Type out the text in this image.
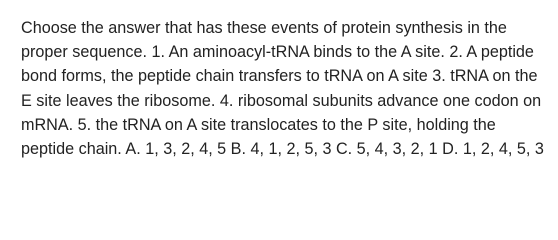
Choose the answer that has these events of protein synthesis in the proper sequence. 1. An aminoacyl-tRNA binds to the A site. 2. A peptide bond forms, the peptide chain transfers to tRNA on A site 3. tRNA on the E site leaves the ribosome. 4. ribosomal subunits advance one codon on mRNA. 5. the tRNA on A site translocates to the P site, holding the peptide chain. A. 1, 3, 2, 4, 5 B. 4, 1, 2, 5, 3 C. 5, 4, 3, 2, 1 D. 1, 2, 4, 5, 3
